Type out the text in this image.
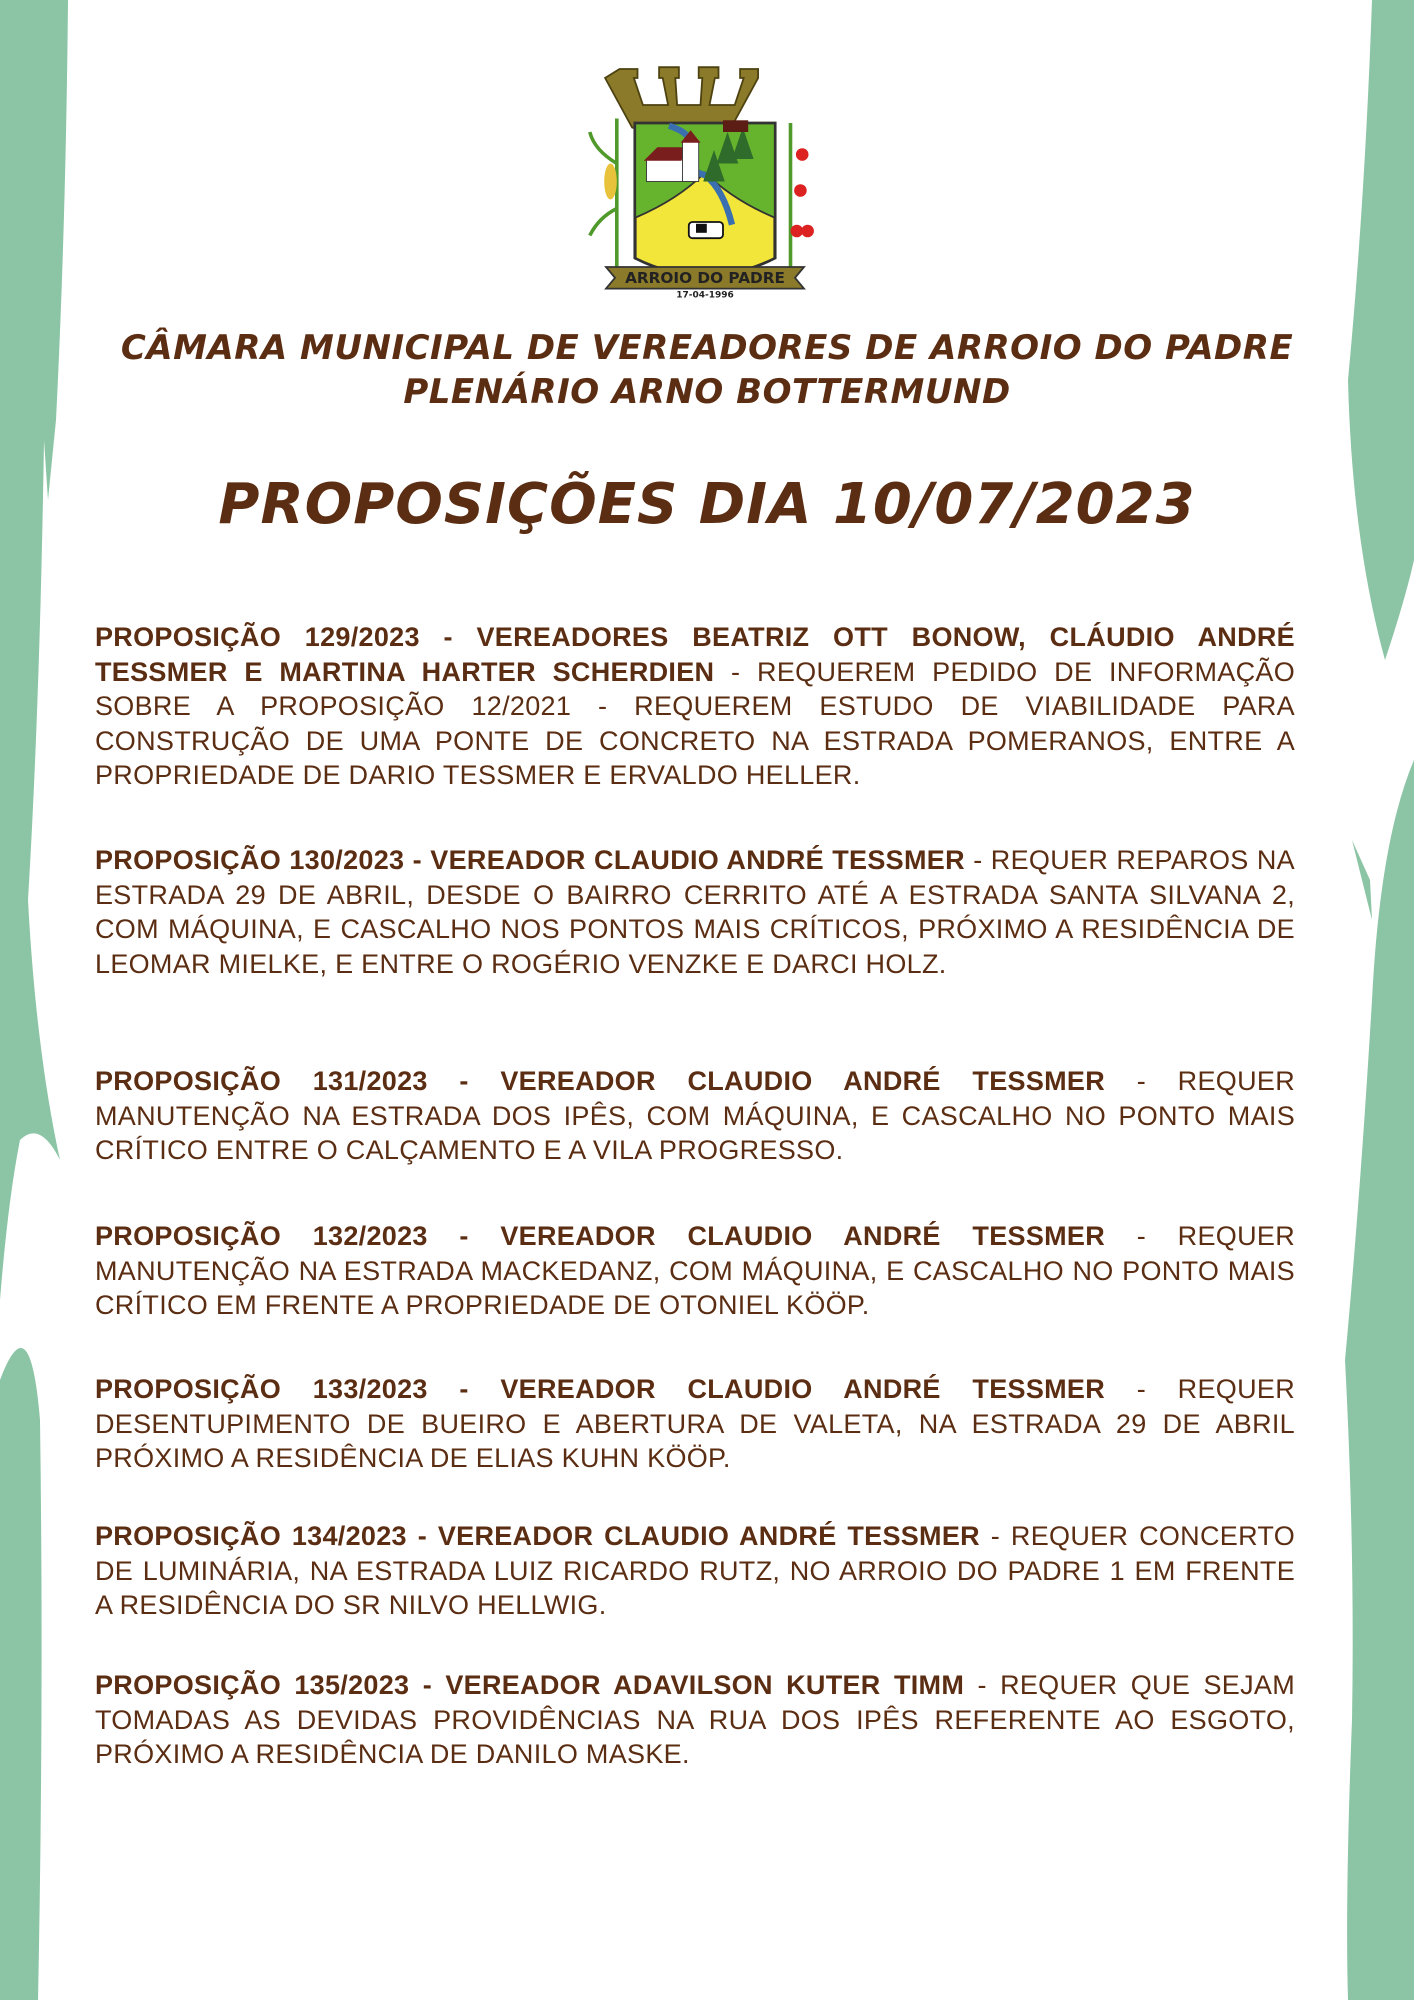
ARROIO DO PADRE
17-04-1996
CÂMARA MUNICIPAL DE VEREADORES DE ARROIO DO PADRE
PLENÁRIO ARNO BOTTERMUND
PROPOSIÇÕES DIA 10/07/2023
PROPOSIÇÃO 129/2023 - VEREADORES BEATRIZ OTT BONOW, CLÁUDIO ANDRÉ TESSMER E MARTINA HARTER SCHERDIEN - REQUEREM PEDIDO DE INFORMAÇÃO SOBRE A PROPOSIÇÃO 12/2021 - REQUEREM ESTUDO DE VIABILIDADE PARA CONSTRUÇÃO DE UMA PONTE DE CONCRETO NA ESTRADA POMERANOS, ENTRE A PROPRIEDADE DE DARIO TESSMER E ERVALDO HELLER.
PROPOSIÇÃO 130/2023 - VEREADOR CLAUDIO ANDRÉ TESSMER - REQUER REPAROS NA ESTRADA 29 DE ABRIL, DESDE O BAIRRO CERRITO ATÉ A ESTRADA SANTA SILVANA 2, COM MÁQUINA, E CASCALHO NOS PONTOS MAIS CRÍTICOS, PRÓXIMO A RESIDÊNCIA DE LEOMAR MIELKE, E ENTRE O ROGÉRIO VENZKE E DARCI HOLZ.
PROPOSIÇÃO 131/2023 - VEREADOR CLAUDIO ANDRÉ TESSMER - REQUER MANUTENÇÃO NA ESTRADA DOS IPÊS, COM MÁQUINA, E CASCALHO NO PONTO MAIS CRÍTICO ENTRE O CALÇAMENTO E A VILA PROGRESSO.
PROPOSIÇÃO 132/2023 - VEREADOR CLAUDIO ANDRÉ TESSMER - REQUER MANUTENÇÃO NA ESTRADA MACKEDANZ, COM MÁQUINA, E CASCALHO NO PONTO MAIS CRÍTICO EM FRENTE A PROPRIEDADE DE OTONIEL KÖÖP.
PROPOSIÇÃO 133/2023 - VEREADOR CLAUDIO ANDRÉ TESSMER - REQUER DESENTUPIMENTO DE BUEIRO E ABERTURA DE VALETA, NA ESTRADA 29 DE ABRIL PRÓXIMO A RESIDÊNCIA DE ELIAS KUHN KÖÖP.
PROPOSIÇÃO 134/2023 - VEREADOR CLAUDIO ANDRÉ TESSMER - REQUER CONCERTO DE LUMINÁRIA, NA ESTRADA LUIZ RICARDO RUTZ, NO ARROIO DO PADRE 1 EM FRENTE A RESIDÊNCIA DO SR NILVO HELLWIG.
PROPOSIÇÃO 135/2023 - VEREADOR ADAVILSON KUTER TIMM - REQUER QUE SEJAM TOMADAS AS DEVIDAS PROVIDÊNCIAS NA RUA DOS IPÊS REFERENTE AO ESGOTO, PRÓXIMO A RESIDÊNCIA DE DANILO MASKE.
